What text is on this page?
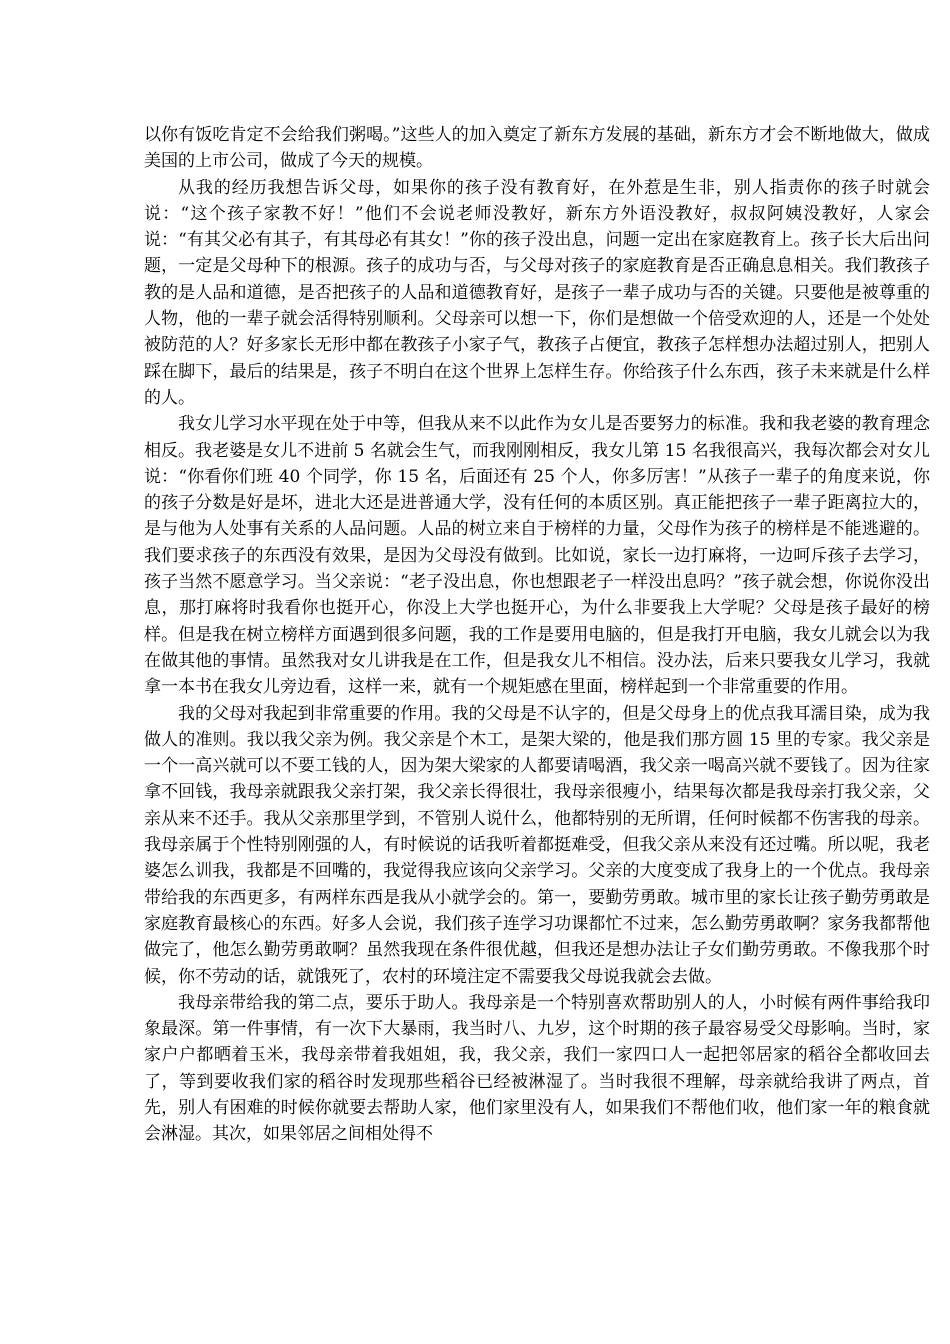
以你有饭吃肯定不会给我们粥喝。”这些人的加入奠定了新东方发展的基础，新东方才会不断地做大，做成美国的上市公司，做成了今天的规模。

从我的经历我想告诉父母，如果你的孩子没有教育好，在外惹是生非，别人指责你的孩子时就会说：“这个孩子家教不好！”他们不会说老师没教好，新东方外语没教好，叔叔阿姨没教好，人家会说：“有其父必有其子，有其母必有其女！”你的孩子没出息，问题一定出在家庭教育上。孩子长大后出问题，一定是父母种下的根源。孩子的成功与否，与父母对孩子的家庭教育是否正确息息相关。我们教孩子教的是人品和道德，是否把孩子的人品和道德教育好，是孩子一辈子成功与否的关键。只要他是被尊重的人物，他的一辈子就会活得特别顺利。父母亲可以想一下，你们是想做一个倍受欢迎的人，还是一个处处被防范的人？好多家长无形中都在教孩子小家子气，教孩子占便宜，教孩子怎样想办法超过别人，把别人踩在脚下，最后的结果是，孩子不明白在这个世界上怎样生存。你给孩子什么东西，孩子未来就是什么样的人。

我女儿学习水平现在处于中等，但我从来不以此作为女儿是否要努力的标准。我和我老婆的教育理念相反。我老婆是女儿不进前 5 名就会生气，而我刚刚相反，我女儿第 15 名我很高兴，我每次都会对女儿说：“你看你们班 40 个同学，你 15 名，后面还有 25 个人，你多厉害！”从孩子一辈子的角度来说，你的孩子分数是好是坏，进北大还是进普通大学，没有任何的本质区别。真正能把孩子一辈子距离拉大的，是与他为人处事有关系的人品问题。人品的树立来自于榜样的力量，父母作为孩子的榜样是不能逃避的。我们要求孩子的东西没有效果，是因为父母没有做到。比如说，家长一边打麻将，一边呵斥孩子去学习，孩子当然不愿意学习。当父亲说：“老子没出息，你也想跟老子一样没出息吗？”孩子就会想，你说你没出息，那打麻将时我看你也挺开心，你没上大学也挺开心，为什么非要我上大学呢？父母是孩子最好的榜样。但是我在树立榜样方面遇到很多问题，我的工作是要用电脑的，但是我打开电脑，我女儿就会以为我在做其他的事情。虽然我对女儿讲我是在工作，但是我女儿不相信。没办法，后来只要我女儿学习，我就拿一本书在我女儿旁边看，这样一来，就有一个规矩感在里面，榜样起到一个非常重要的作用。

我的父母对我起到非常重要的作用。我的父母是不认字的，但是父母身上的优点我耳濡目染，成为我做人的准则。我以我父亲为例。我父亲是个木工，是架大梁的，他是我们那方圆 15 里的专家。我父亲是一个一高兴就可以不要工钱的人，因为架大梁家的人都要请喝酒，我父亲一喝高兴就不要钱了。因为往家拿不回钱，我母亲就跟我父亲打架，我父亲长得很壮，我母亲很瘦小，结果每次都是我母亲打我父亲，父亲从来不还手。我从父亲那里学到，不管别人说什么，他都特别的无所谓，任何时候都不伤害我的母亲。我母亲属于个性特别刚强的人，有时候说的话我听着都挺难受，但我父亲从来没有还过嘴。所以呢，我老婆怎么训我，我都是不回嘴的，我觉得我应该向父亲学习。父亲的大度变成了我身上的一个优点。我母亲带给我的东西更多，有两样东西是我从小就学会的。第一，要勤劳勇敢。城市里的家长让孩子勤劳勇敢是家庭教育最核心的东西。好多人会说，我们孩子连学习功课都忙不过来，怎么勤劳勇敢啊？家务我都帮他做完了，他怎么勤劳勇敢啊？虽然我现在条件很优越，但我还是想办法让子女们勤劳勇敢。不像我那个时候，你不劳动的话，就饿死了，农村的环境注定不需要我父母说我就会去做。

我母亲带给我的第二点，要乐于助人。我母亲是一个特别喜欢帮助别人的人，小时候有两件事给我印象最深。第一件事情，有一次下大暴雨，我当时八、九岁，这个时期的孩子最容易受父母影响。当时，家家户户都晒着玉米，我母亲带着我姐姐，我，我父亲，我们一家四口人一起把邻居家的稻谷全都收回去了，等到要收我们家的稻谷时发现那些稻谷已经被淋湿了。当时我很不理解，母亲就给我讲了两点，首先，别人有困难的时候你就要去帮助人家，他们家里没有人，如果我们不帮他们收，他们家一年的粮食就会淋湿。其次，如果邻居之间相处得不
